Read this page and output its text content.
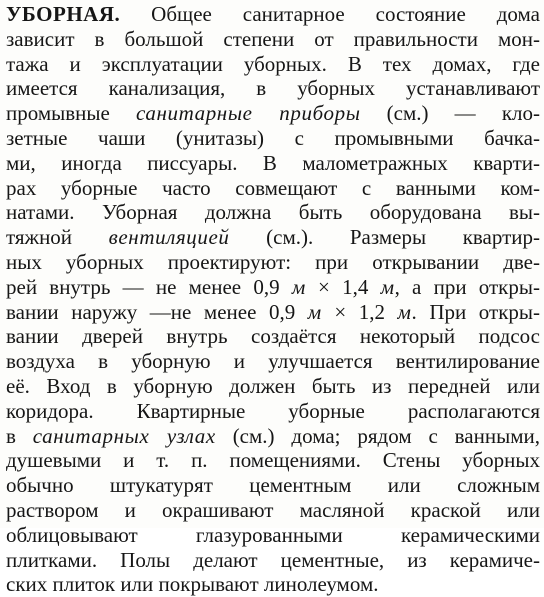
УБОРНАЯ. Общее санитарное состояние дома
зависит в большой степени от правильности мон-
тажа и эксплуатации уборных. В тех домах, где
имеется канализация, в уборных устанавливают
промывные санитарные приборы (см.) — кло-
зетные чаши (унитазы) с промывными бачка-
ми, иногда писсуары. В малометражных кварти-
рах уборные часто совмещают с ванными ком-
натами. Уборная должна быть оборудована вы-
тяжной вентиляцией (см.). Размеры квартир-
ных уборных проектируют: при открывании две-
рей внутрь — не менее 0,9 м × 1,4 м, а при откры-
вании наружу —не менее 0,9 м × 1,2 м. При откры-
вании дверей внутрь создаётся некоторый подсос
воздуха в уборную и улучшается вентилирование
её. Вход в уборную должен быть из передней или
коридора. Квартирные уборные располагаются
в санитарных узлах (см.) дома; рядом с ванными,
душевыми и т. п. помещениями. Стены уборных
обычно штукатурят цементным или сложным
раствором и окрашивают масляной краской или
облицовывают глазурованными керамическими
плитками. Полы делают цементные, из керамиче-
ских плиток или покрывают линолеумом.
